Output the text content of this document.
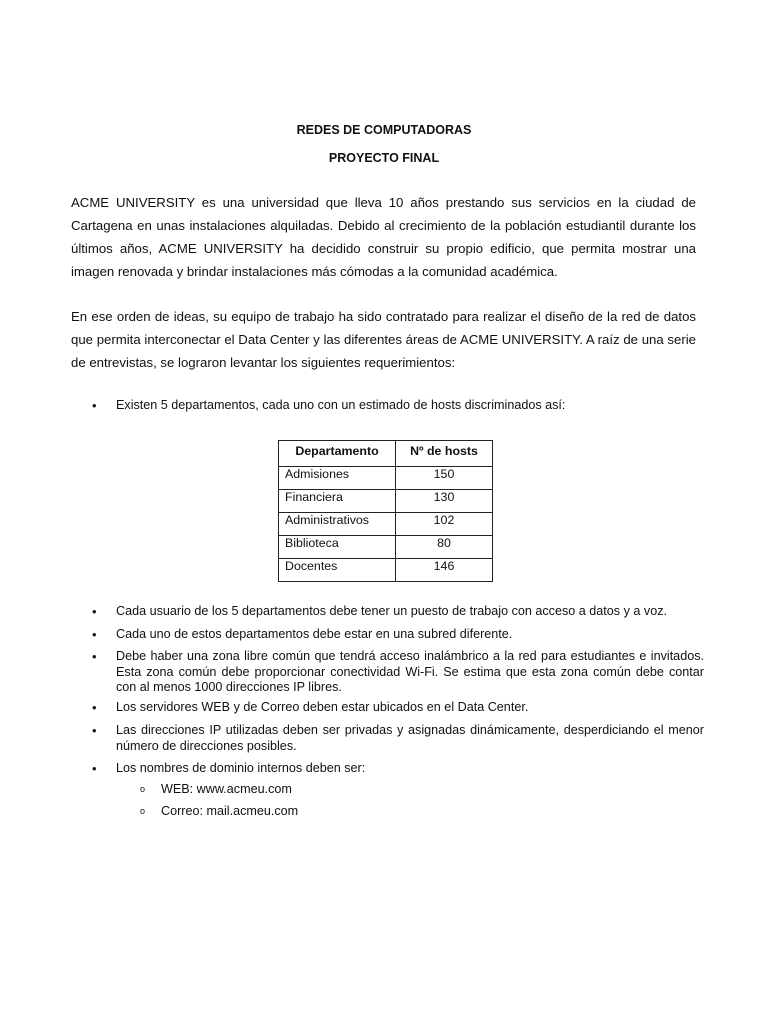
REDES DE COMPUTADORAS
PROYECTO FINAL
ACME UNIVERSITY es una universidad que lleva 10 años prestando sus servicios en la ciudad de Cartagena en unas instalaciones alquiladas. Debido al crecimiento de la población estudiantil durante los últimos años, ACME UNIVERSITY ha decidido construir su propio edificio, que permita mostrar una imagen renovada y brindar instalaciones más cómodas a la comunidad académica.
En ese orden de ideas, su equipo de trabajo ha sido contratado para realizar el diseño de la red de datos que permita interconectar el Data Center y las diferentes áreas de ACME UNIVERSITY. A raíz de una serie de entrevistas, se lograron levantar los siguientes requerimientos:
•	Existen 5 departamentos, cada uno con un estimado de hosts discriminados así:
Departamento	Nº de hosts
Admisiones	150
Financiera	130
Administrativos	102
Biblioteca	80
Docentes	146
•	Cada usuario de los 5 departamentos debe tener un puesto de trabajo con acceso a datos y a voz.
•	Cada uno de estos departamentos debe estar en una subred diferente.
•	Debe haber una zona libre común que tendrá acceso inalámbrico a la red para estudiantes e invitados. Esta zona común debe proporcionar conectividad Wi-Fi. Se estima que esta zona común debe contar con al menos 1000 direcciones IP libres.
•	Los servidores WEB y de Correo deben estar ubicados en el Data Center.
•	Las direcciones IP utilizadas deben ser privadas y asignadas dinámicamente, desperdiciando el menor número de direcciones posibles.
•	Los nombres de dominio internos deben ser:
o WEB: www.acmeu.com
o Correo: mail.acmeu.com
